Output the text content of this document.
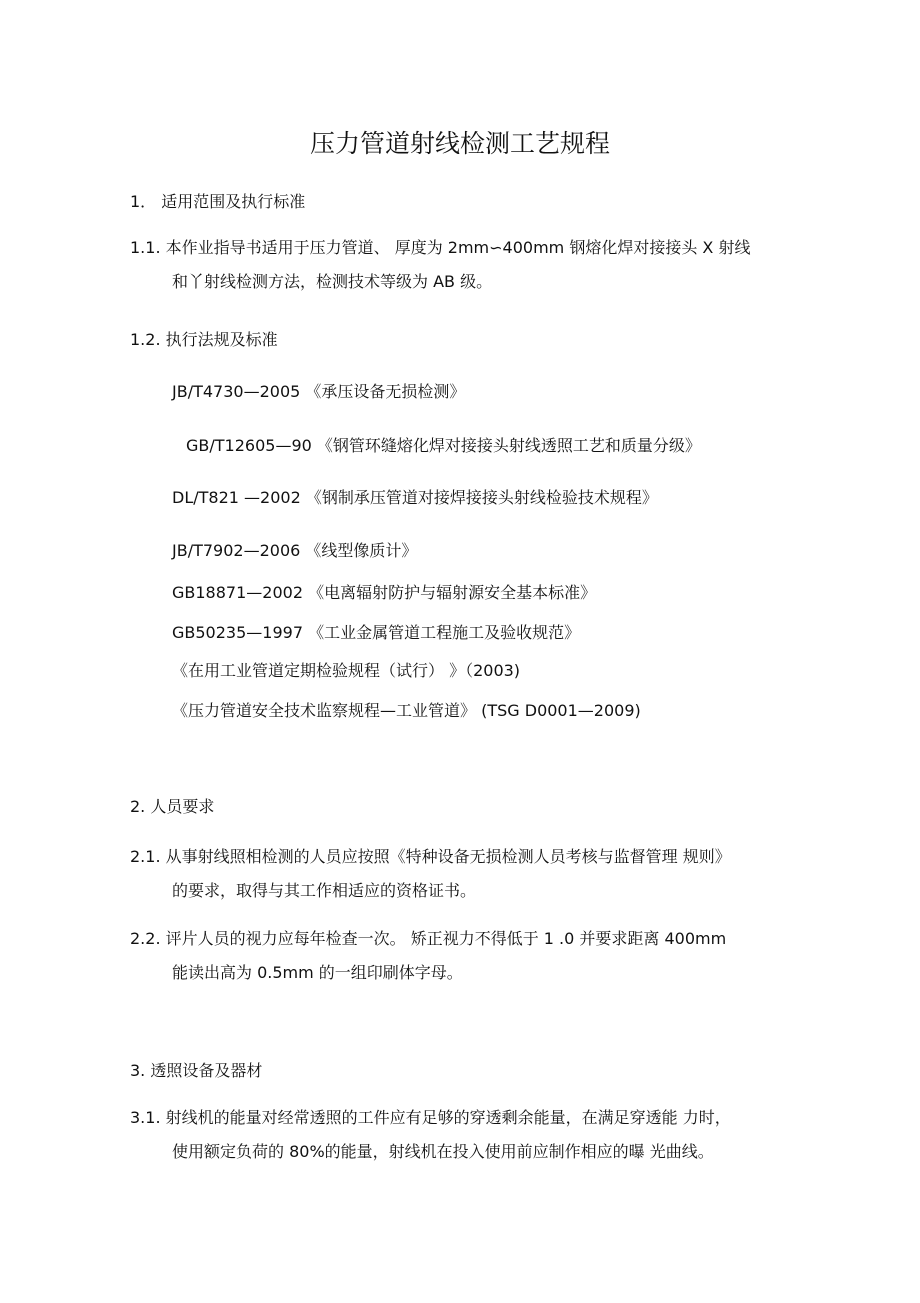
压力管道射线检测工艺规程
1． 适用范围及执行标准
1.1. 本作业指导书适用于压力管道、 厚度为 2mm∽400mm 钢熔化焊对接接头 X 射线
和丫射线检测方法，检测技术等级为 AB 级。
1.2. 执行法规及标准
JB/T4730—2005 《承压设备无损检测》
GB/T12605—90 《钢管环缝熔化焊对接接头射线透照工艺和质量分级》
DL/T821 —2002 《钢制承压管道对接焊接接头射线检验技术规程》
JB/T7902—2006 《线型像质计》
GB18871—2002 《电离辐射防护与辐射源安全基本标准》
GB50235—1997 《工业金属管道工程施工及验收规范》
《在用工业管道定期检验规程（试行） 》（2003)
《压力管道安全技术监察规程—工业管道》 (TSG D0001—2009)
2. 人员要求
2.1. 从事射线照相检测的人员应按照《特种设备无损检测人员考核与监督管理 规则》
的要求，取得与其工作相适应的资格证书。
2.2. 评片人员的视力应每年检查一次。 矫正视力不得低于 1 .0 并要求距离 400mm
能读出高为 0.5mm 的一组印刷体字母。
3. 透照设备及器材
3.1. 射线机的能量对经常透照的工件应有足够的穿透剩余能量，在满足穿透能 力时，
使用额定负荷的 80%的能量，射线机在投入使用前应制作相应的曝 光曲线。
